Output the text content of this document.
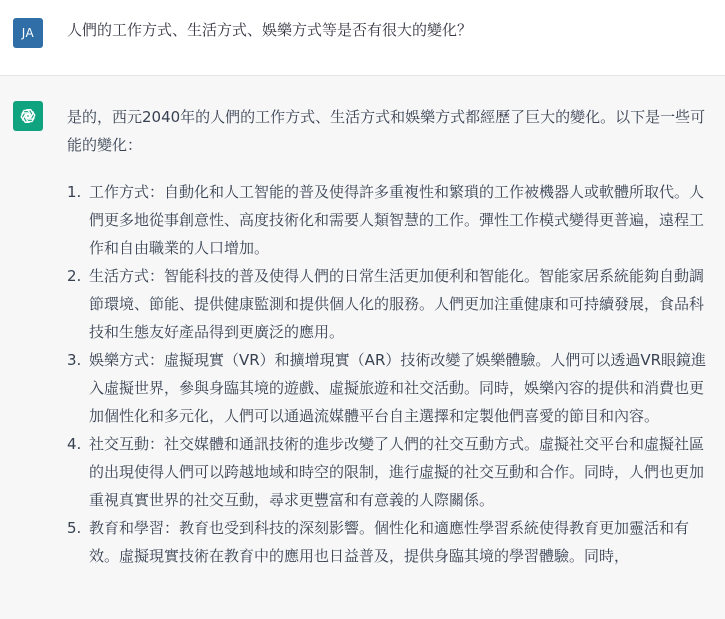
JA	人們的工作方式、生活方式、娛樂方式等是否有很大的變化？

是的，西元2040年的人們的工作方式、生活方式和娛樂方式都經歷了巨大的變化。以下是一些可能的變化：

1. 工作方式：自動化和人工智能的普及使得許多重複性和繁瑣的工作被機器人或軟體所取代。人們更多地從事創意性、高度技術化和需要人類智慧的工作。彈性工作模式變得更普遍，遠程工作和自由職業的人口增加。
2. 生活方式：智能科技的普及使得人們的日常生活更加便利和智能化。智能家居系統能夠自動調節環境、節能、提供健康監測和提供個人化的服務。人們更加注重健康和可持續發展，食品科技和生態友好產品得到更廣泛的應用。
3. 娛樂方式：虛擬現實（VR）和擴增現實（AR）技術改變了娛樂體驗。人們可以透過VR眼鏡進入虛擬世界，參與身臨其境的遊戲、虛擬旅遊和社交活動。同時，娛樂內容的提供和消費也更加個性化和多元化，人們可以通過流媒體平台自主選擇和定製他們喜愛的節目和內容。
4. 社交互動：社交媒體和通訊技術的進步改變了人們的社交互動方式。虛擬社交平台和虛擬社區的出現使得人們可以跨越地域和時空的限制，進行虛擬的社交互動和合作。同時，人們也更加重視真實世界的社交互動，尋求更豐富和有意義的人際關係。
5. 教育和學習：教育也受到科技的深刻影響。個性化和適應性學習系統使得教育更加靈活和有效。虛擬現實技術在教育中的應用也日益普及，提供身臨其境的學習體驗。同時，
